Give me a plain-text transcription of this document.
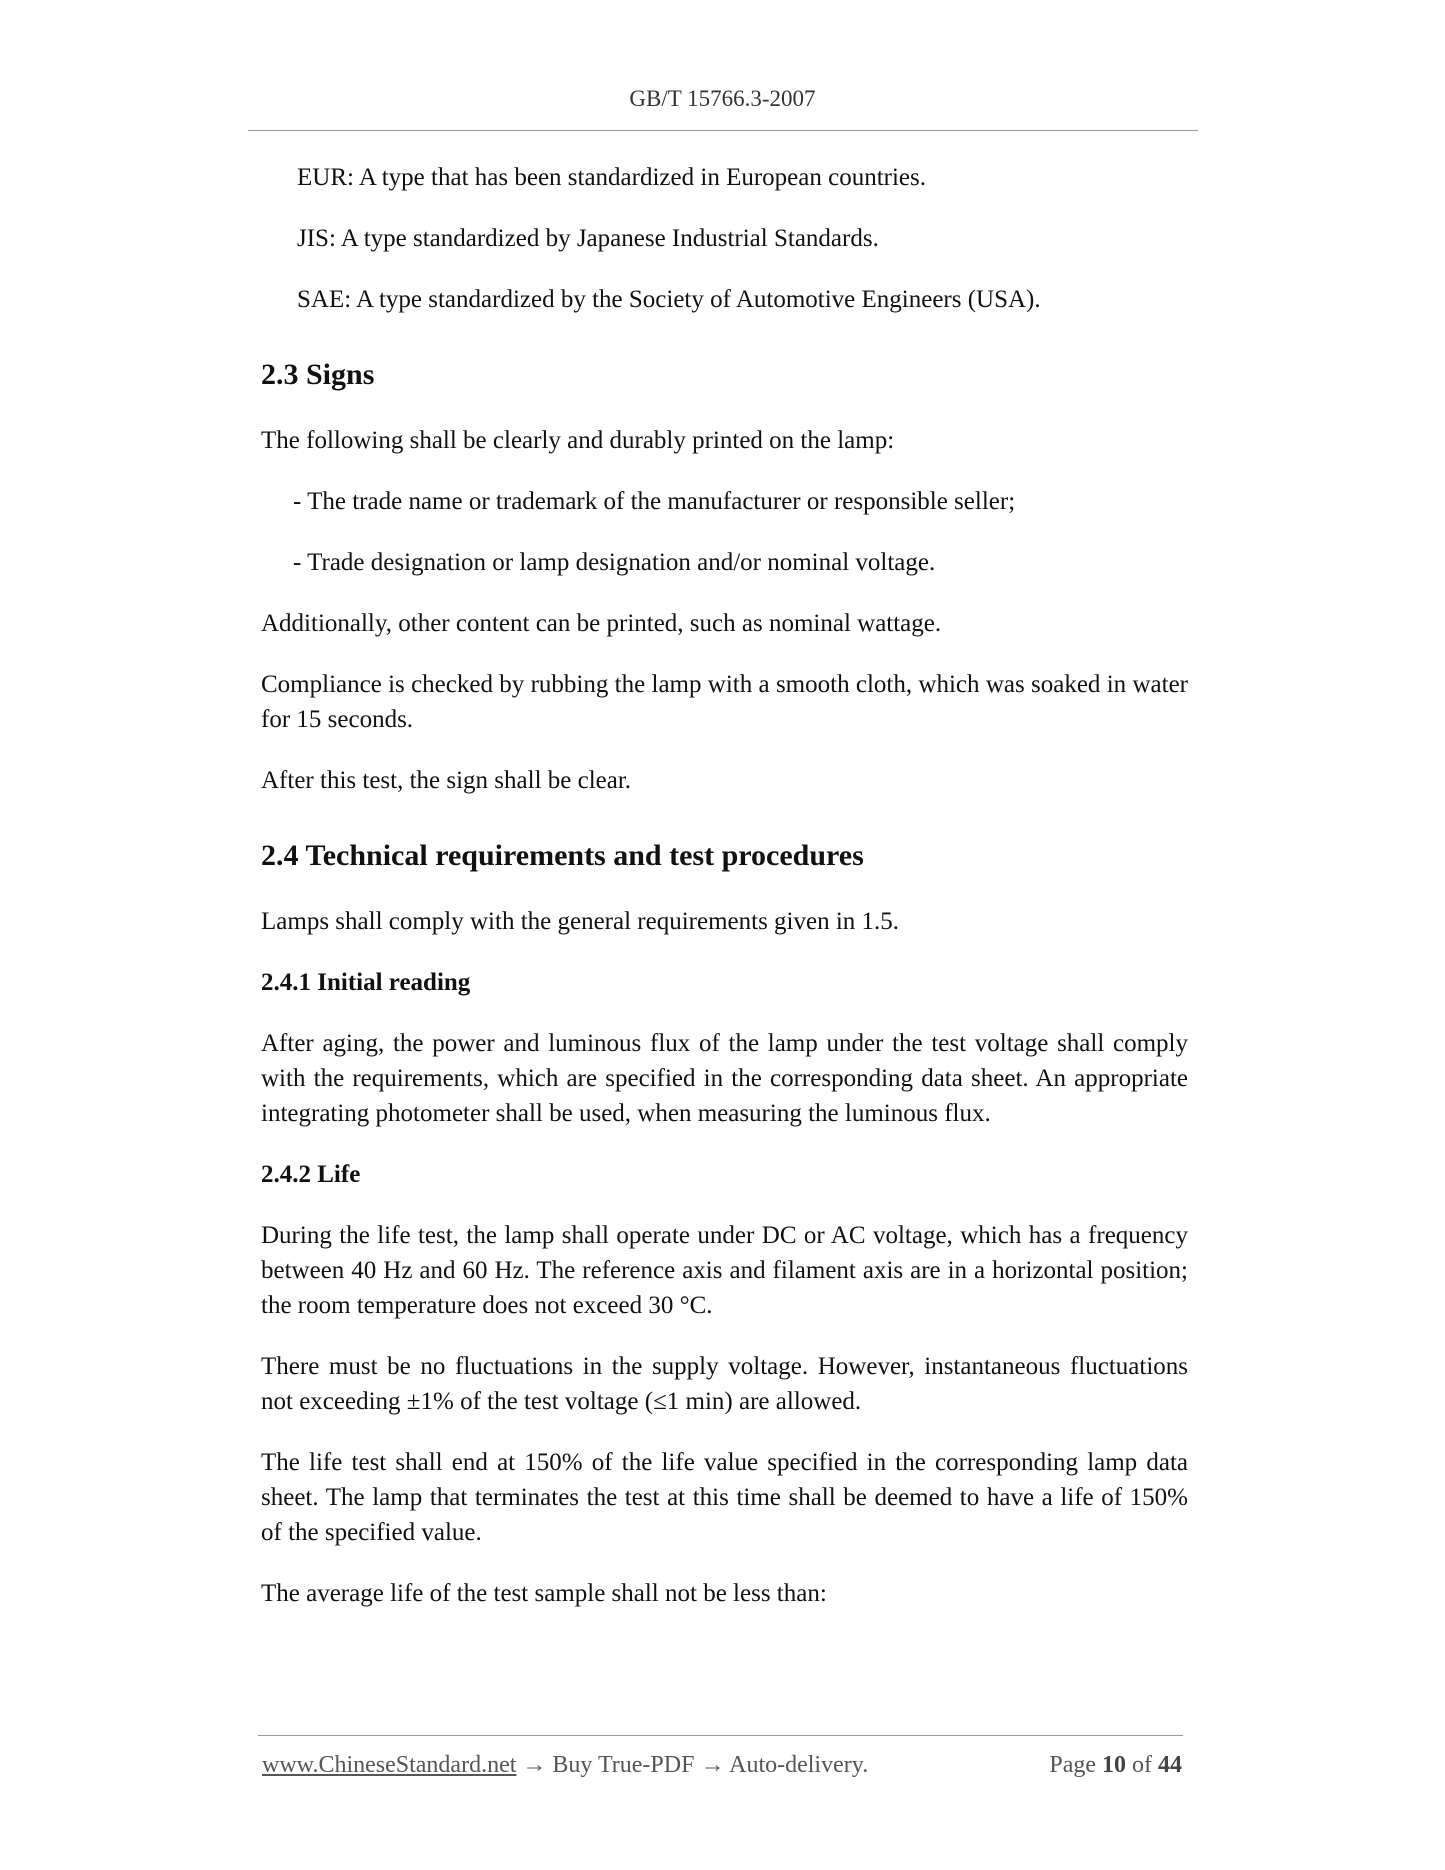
GB/T 15766.3-2007

EUR: A type that has been standardized in European countries.

JIS: A type standardized by Japanese Industrial Standards.

SAE: A type standardized by the Society of Automotive Engineers (USA).

2.3 Signs

The following shall be clearly and durably printed on the lamp:

- The trade name or trademark of the manufacturer or responsible seller;

- Trade designation or lamp designation and/or nominal voltage.

Additionally, other content can be printed, such as nominal wattage.

Compliance is checked by rubbing the lamp with a smooth cloth, which was soaked in water for 15 seconds.

After this test, the sign shall be clear.

2.4 Technical requirements and test procedures

Lamps shall comply with the general requirements given in 1.5.

2.4.1 Initial reading

After aging, the power and luminous flux of the lamp under the test voltage shall comply with the requirements, which are specified in the corresponding data sheet. An appropriate integrating photometer shall be used, when measuring the luminous flux.

2.4.2 Life

During the life test, the lamp shall operate under DC or AC voltage, which has a frequency between 40 Hz and 60 Hz. The reference axis and filament axis are in a horizontal position; the room temperature does not exceed 30 °C.

There must be no fluctuations in the supply voltage. However, instantaneous fluctuations not exceeding ±1% of the test voltage (≤1 min) are allowed.

The life test shall end at 150% of the life value specified in the corresponding lamp data sheet. The lamp that terminates the test at this time shall be deemed to have a life of 150% of the specified value.

The average life of the test sample shall not be less than:

www.ChineseStandard.net → Buy True-PDF → Auto-delivery.	Page 10 of 44
